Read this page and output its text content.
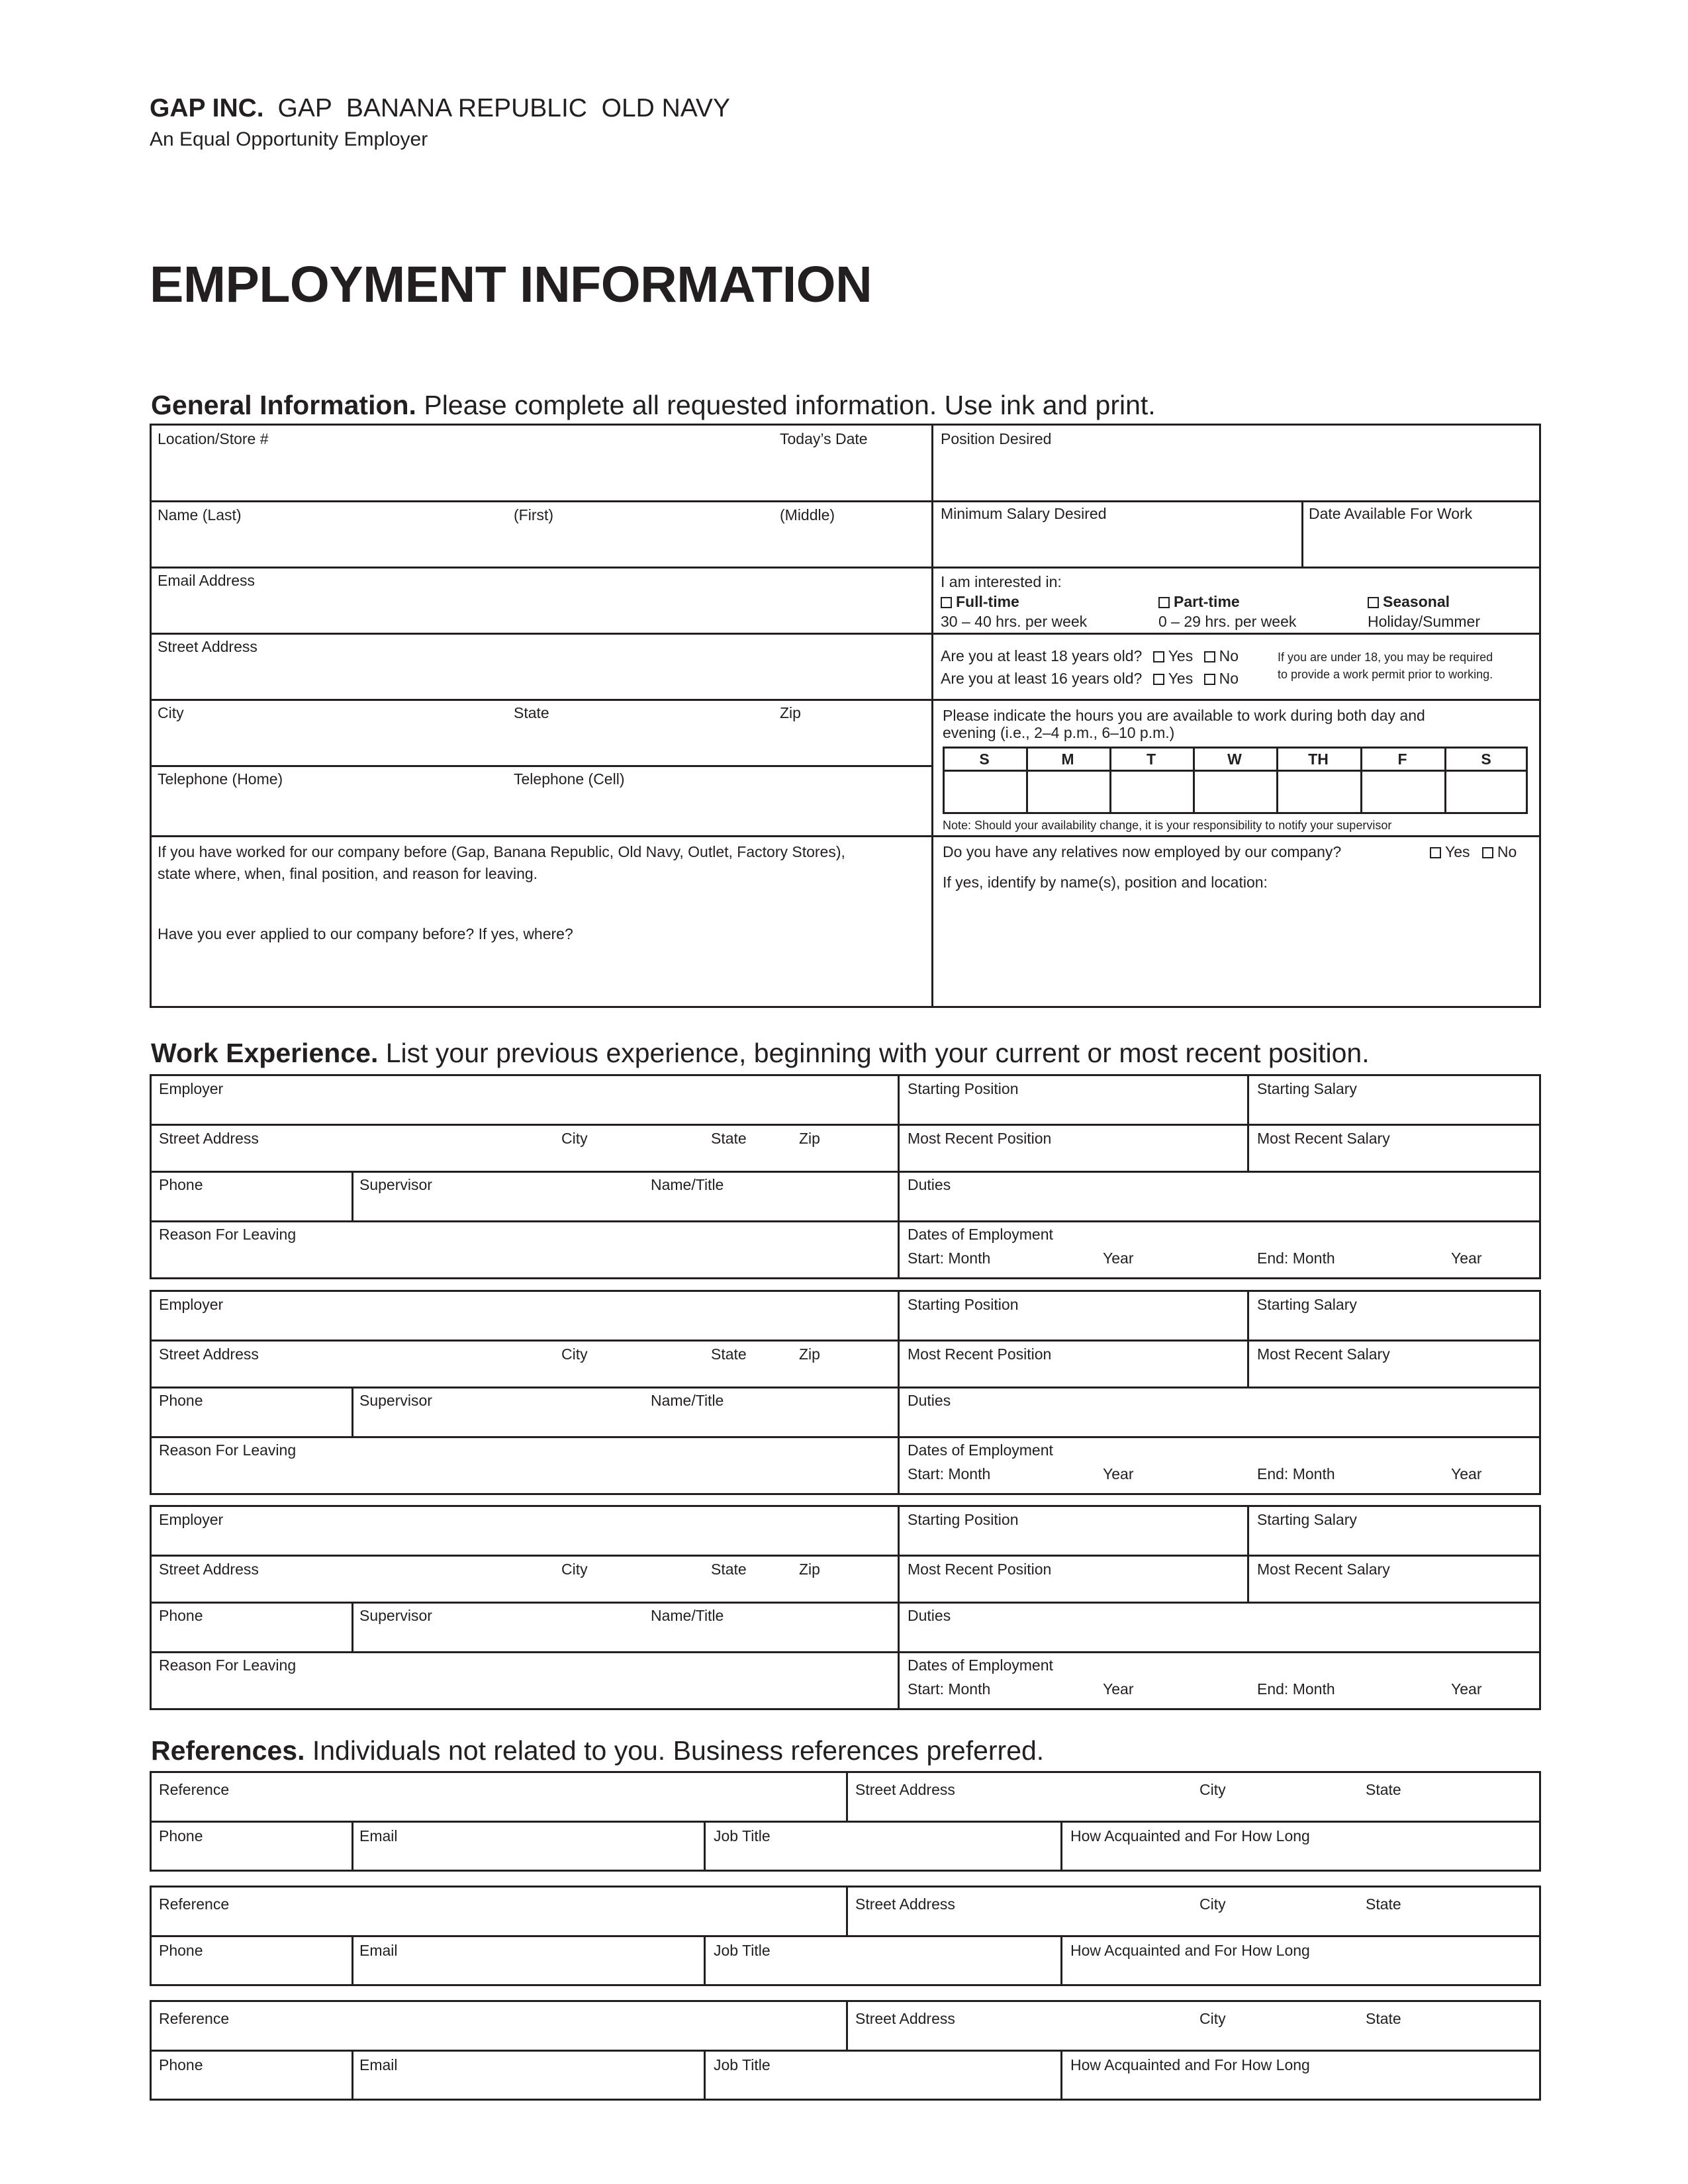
GAP INC. GAP  BANANA REPUBLIC  OLD NAVY
An Equal Opportunity Employer
EMPLOYMENT INFORMATION
General Information. Please complete all requested information. Use ink and print.
Location/Store #	Today’s Date	Position Desired
Name (Last)	(First)	(Middle)	Minimum Salary Desired	Date Available For Work
Email Address	I am interested in:
Full-time
30 – 40 hrs. per week
Part-time
0 – 29 hrs. per week
Seasonal
Holiday/Summer
Street Address
Are you at least 18 years old? Yes No
Are you at least 16 years old? Yes No
If you are under 18, you may be required
to provide a work permit prior to working.
City	State	Zip	Please indicate the hours you are available to work during both day and
evening (i.e., 2–4 p.m., 6–10 p.m.)
S	M	T	W	TH	F	S
Note: Should your availability change, it is your responsibility to notify your supervisor
Telephone (Home)	Telephone (Cell)
If you have worked for our company before (Gap, Banana Republic, Old Navy, Outlet, Factory Stores),
state where, when, final position, and reason for leaving.
Have you ever applied to our company before? If yes, where?
Do you have any relatives now employed by our company?	Yes No
If yes, identify by name(s), position and location:
Work Experience. List your previous experience, beginning with your current or most recent position.
Employer	Starting Position	Starting Salary
Street Address	City	State	Zip	Most Recent Position	Most Recent Salary
Phone	Supervisor	Name/Title	Duties
Reason For Leaving	Dates of Employment
Start: Month	Year	End: Month	Year
Employer	Starting Position	Starting Salary
Street Address	City	State	Zip	Most Recent Position	Most Recent Salary
Phone	Supervisor	Name/Title	Duties
Reason For Leaving	Dates of Employment
Start: Month	Year	End: Month	Year
Employer	Starting Position	Starting Salary
Street Address	City	State	Zip	Most Recent Position	Most Recent Salary
Phone	Supervisor	Name/Title	Duties
Reason For Leaving	Dates of Employment
Start: Month	Year	End: Month	Year
References. Individuals not related to you. Business references preferred.
Reference	Street Address	City	State
Phone	Email	Job Title	How Acquainted and For How Long
Reference	Street Address	City	State
Phone	Email	Job Title	How Acquainted and For How Long
Reference	Street Address	City	State
Phone	Email	Job Title	How Acquainted and For How Long
